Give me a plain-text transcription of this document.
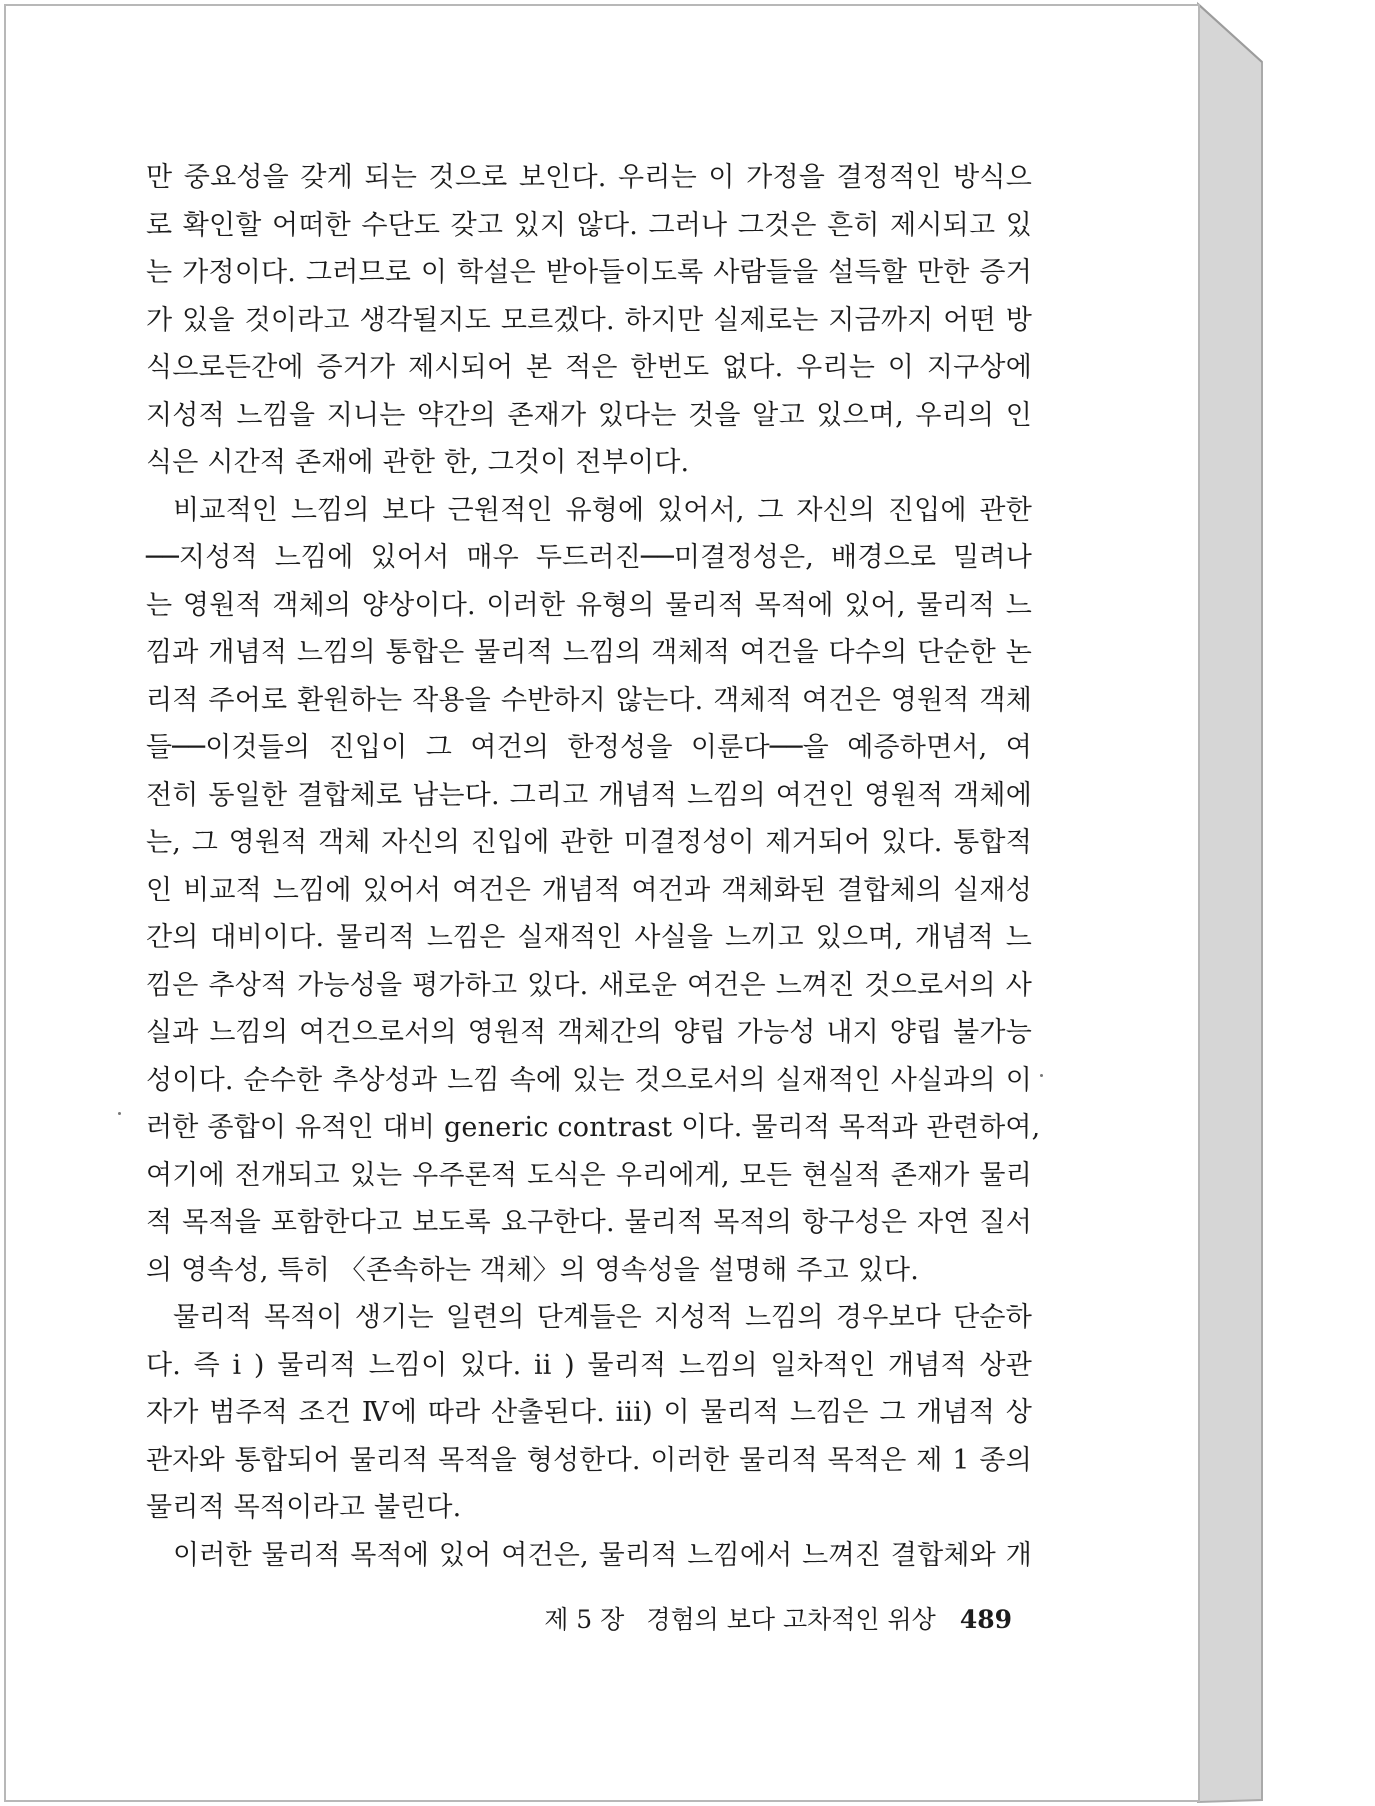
만 중요성을 갖게 되는 것으로 보인다. 우리는 이 가정을 결정적인 방식으
로 확인할 어떠한 수단도 갖고 있지 않다. 그러나 그것은 흔히 제시되고 있
는 가정이다. 그러므로 이 학설은 받아들이도록 사람들을 설득할 만한 증거
가 있을 것이라고 생각될지도 모르겠다. 하지만 실제로는 지금까지 어떤 방
식으로든간에 증거가 제시되어 본 적은 한번도 없다. 우리는 이 지구상에
지성적 느낌을 지니는 약간의 존재가 있다는 것을 알고 있으며, 우리의 인
식은 시간적 존재에 관한 한, 그것이 전부이다.
비교적인 느낌의 보다 근원적인 유형에 있어서, 그 자신의 진입에 관한
──지성적 느낌에 있어서 매우 두드러진──미결정성은, 배경으로 밀려나
는 영원적 객체의 양상이다. 이러한 유형의 물리적 목적에 있어, 물리적 느
낌과 개념적 느낌의 통합은 물리적 느낌의 객체적 여건을 다수의 단순한 논
리적 주어로 환원하는 작용을 수반하지 않는다. 객체적 여건은 영원적 객체
들──이것들의 진입이 그 여건의 한정성을 이룬다──을 예증하면서, 여
전히 동일한 결합체로 남는다. 그리고 개념적 느낌의 여건인 영원적 객체에
는, 그 영원적 객체 자신의 진입에 관한 미결정성이 제거되어 있다. 통합적
인 비교적 느낌에 있어서 여건은 개념적 여건과 객체화된 결합체의 실재성
간의 대비이다. 물리적 느낌은 실재적인 사실을 느끼고 있으며, 개념적 느
낌은 추상적 가능성을 평가하고 있다. 새로운 여건은 느껴진 것으로서의 사
실과 느낌의 여건으로서의 영원적 객체간의 양립 가능성 내지 양립 불가능
성이다. 순수한 추상성과 느낌 속에 있는 것으로서의 실재적인 사실과의 이
러한 종합이 유적인 대비 generic contrast 이다. 물리적 목적과 관련하여,
여기에 전개되고 있는 우주론적 도식은 우리에게, 모든 현실적 존재가 물리
적 목적을 포함한다고 보도록 요구한다. 물리적 목적의 항구성은 자연 질서
의 영속성, 특히 〈존속하는 객체〉의 영속성을 설명해 주고 있다.
물리적 목적이 생기는 일련의 단계들은 지성적 느낌의 경우보다 단순하
다. 즉 i ) 물리적 느낌이 있다. ii ) 물리적 느낌의 일차적인 개념적 상관
자가 범주적 조건 Ⅳ에 따라 산출된다. iii) 이 물리적 느낌은 그 개념적 상
관자와 통합되어 물리적 목적을 형성한다. 이러한 물리적 목적은 제 1 종의
물리적 목적이라고 불린다.
이러한 물리적 목적에 있어 여건은, 물리적 느낌에서 느껴진 결합체와 개
제 5 장 경험의 보다 고차적인 위상 489
